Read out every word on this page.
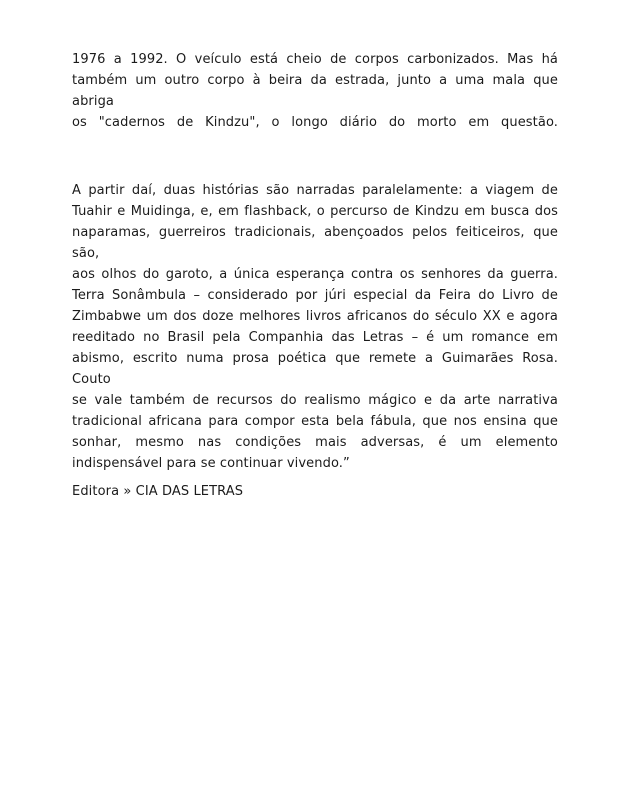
1976 a 1992. O veículo está cheio de corpos carbonizados. Mas há
também um outro corpo à beira da estrada, junto a uma mala que abriga
os "cadernos de Kindzu", o longo diário do morto em questão.
A partir daí, duas histórias são narradas paralelamente: a viagem de
Tuahir e Muidinga, e, em flashback, o percurso de Kindzu em busca dos
naparamas, guerreiros tradicionais, abençoados pelos feiticeiros, que são,
aos olhos do garoto, a única esperança contra os senhores da guerra.
Terra Sonâmbula – considerado por júri especial da Feira do Livro de
Zimbabwe um dos doze melhores livros africanos do século XX e agora
reeditado no Brasil pela Companhia das Letras – é um romance em
abismo, escrito numa prosa poética que remete a Guimarães Rosa. Couto
se vale também de recursos do realismo mágico e da arte narrativa
tradicional africana para compor esta bela fábula, que nos ensina que
sonhar, mesmo nas condições mais adversas, é um elemento
indispensável para se continuar vivendo.”
Editora » CIA DAS LETRAS
